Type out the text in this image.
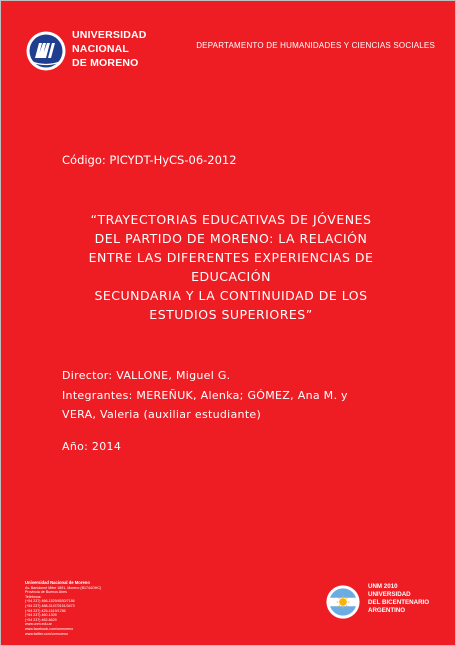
UNIVERSIDAD
NACIONAL
DE MORENO
DEPARTAMENTO DE HUMANIDADES Y CIENCIAS SOCIALES
Código: PICYDT-HyCS-06-2012
“TRAYECTORIAS EDUCATIVAS DE JÓVENES
DEL PARTIDO DE MORENO: LA RELACIÓN
ENTRE LAS DIFERENTES EXPERIENCIAS DE
EDUCACIÓN
SECUNDARIA Y LA CONTINUIDAD DE LOS
ESTUDIOS SUPERIORES”
Director: VALLONE, Miguel G.
Integrantes: MEREÑUK, Alenka; GÓMEZ, Ana M. y
VERA, Valeria (auxiliar estudiante)
Año: 2014
Universidad Nacional de Moreno
Av. Bartolomé Mitre 1891, Moreno (B1744OHC)
Provincia de Buenos Aires
Teléfonos:
(+54 237) 466-1529/4530/7186
(+54 237) 488-3147/3151/3473
(+54 237) 425-1619/1786
(+54 237) 460-1309
(+54 237) 462-8629
www.unm.edu.ar
www.facebook.com/unmoreno
www.twitter.com/unmoreno
UNM 2010
UNIVERSIDAD
DEL BICENTENARIO
ARGENTINO
